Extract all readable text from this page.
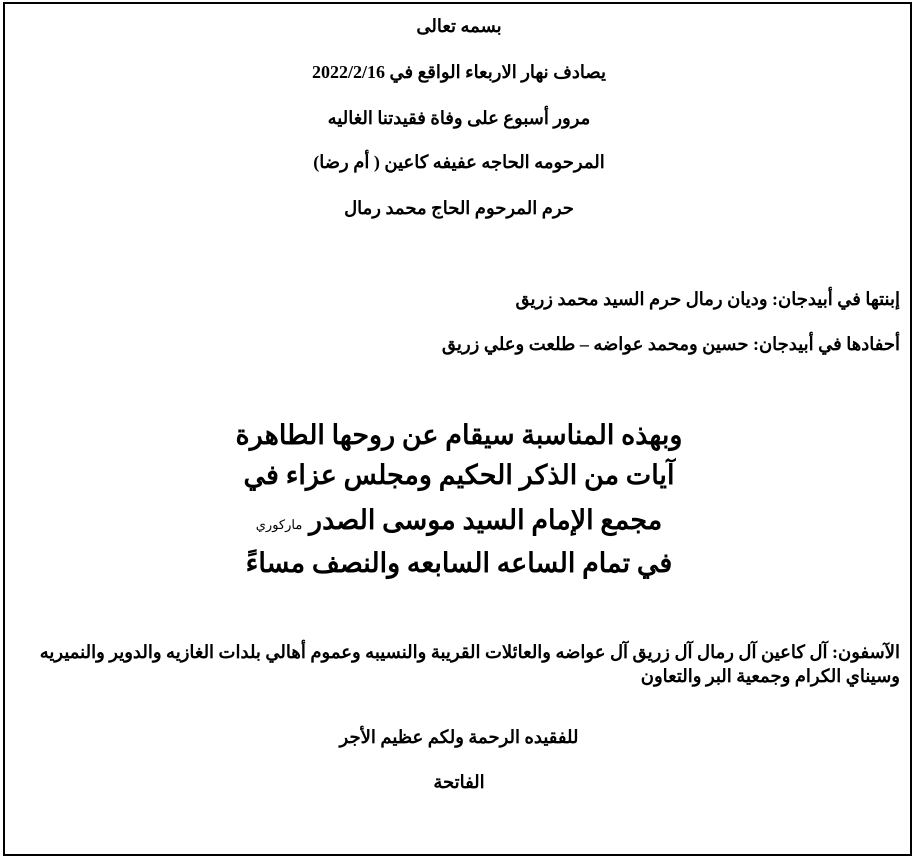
بسمه تعالى
يصادف نهار الاربعاء الواقع في 2022/2/16
مرور أسبوع على وفاة فقيدتنا الغاليه
المرحومه الحاجه عفيفه كاعين ( أم رضا)
حرم المرحوم الحاج محمد رمال
إبنتها في أبيدجان: وديان رمال حرم السيد محمد زريق
أحفادها في أبيدجان: حسين ومحمد عواضه – طلعت وعلي زريق
وبهذه المناسبة سيقام عن روحها الطاهرة
آيات من الذكر الحكيم ومجلس عزاء في
مجمع الإمام السيد موسى الصدر ماركوري
في تمام الساعه السابعه والنصف مساءً
الآسفون: آل كاعين آل رمال آل زريق آل عواضه والعائلات القريبة والنسيبه وعموم أهالي بلدات الغازيه والدوير والنميريه وسيناي الكرام وجمعية البر والتعاون
للفقيده الرحمة ولكم عظيم الأجر
الفاتحة
